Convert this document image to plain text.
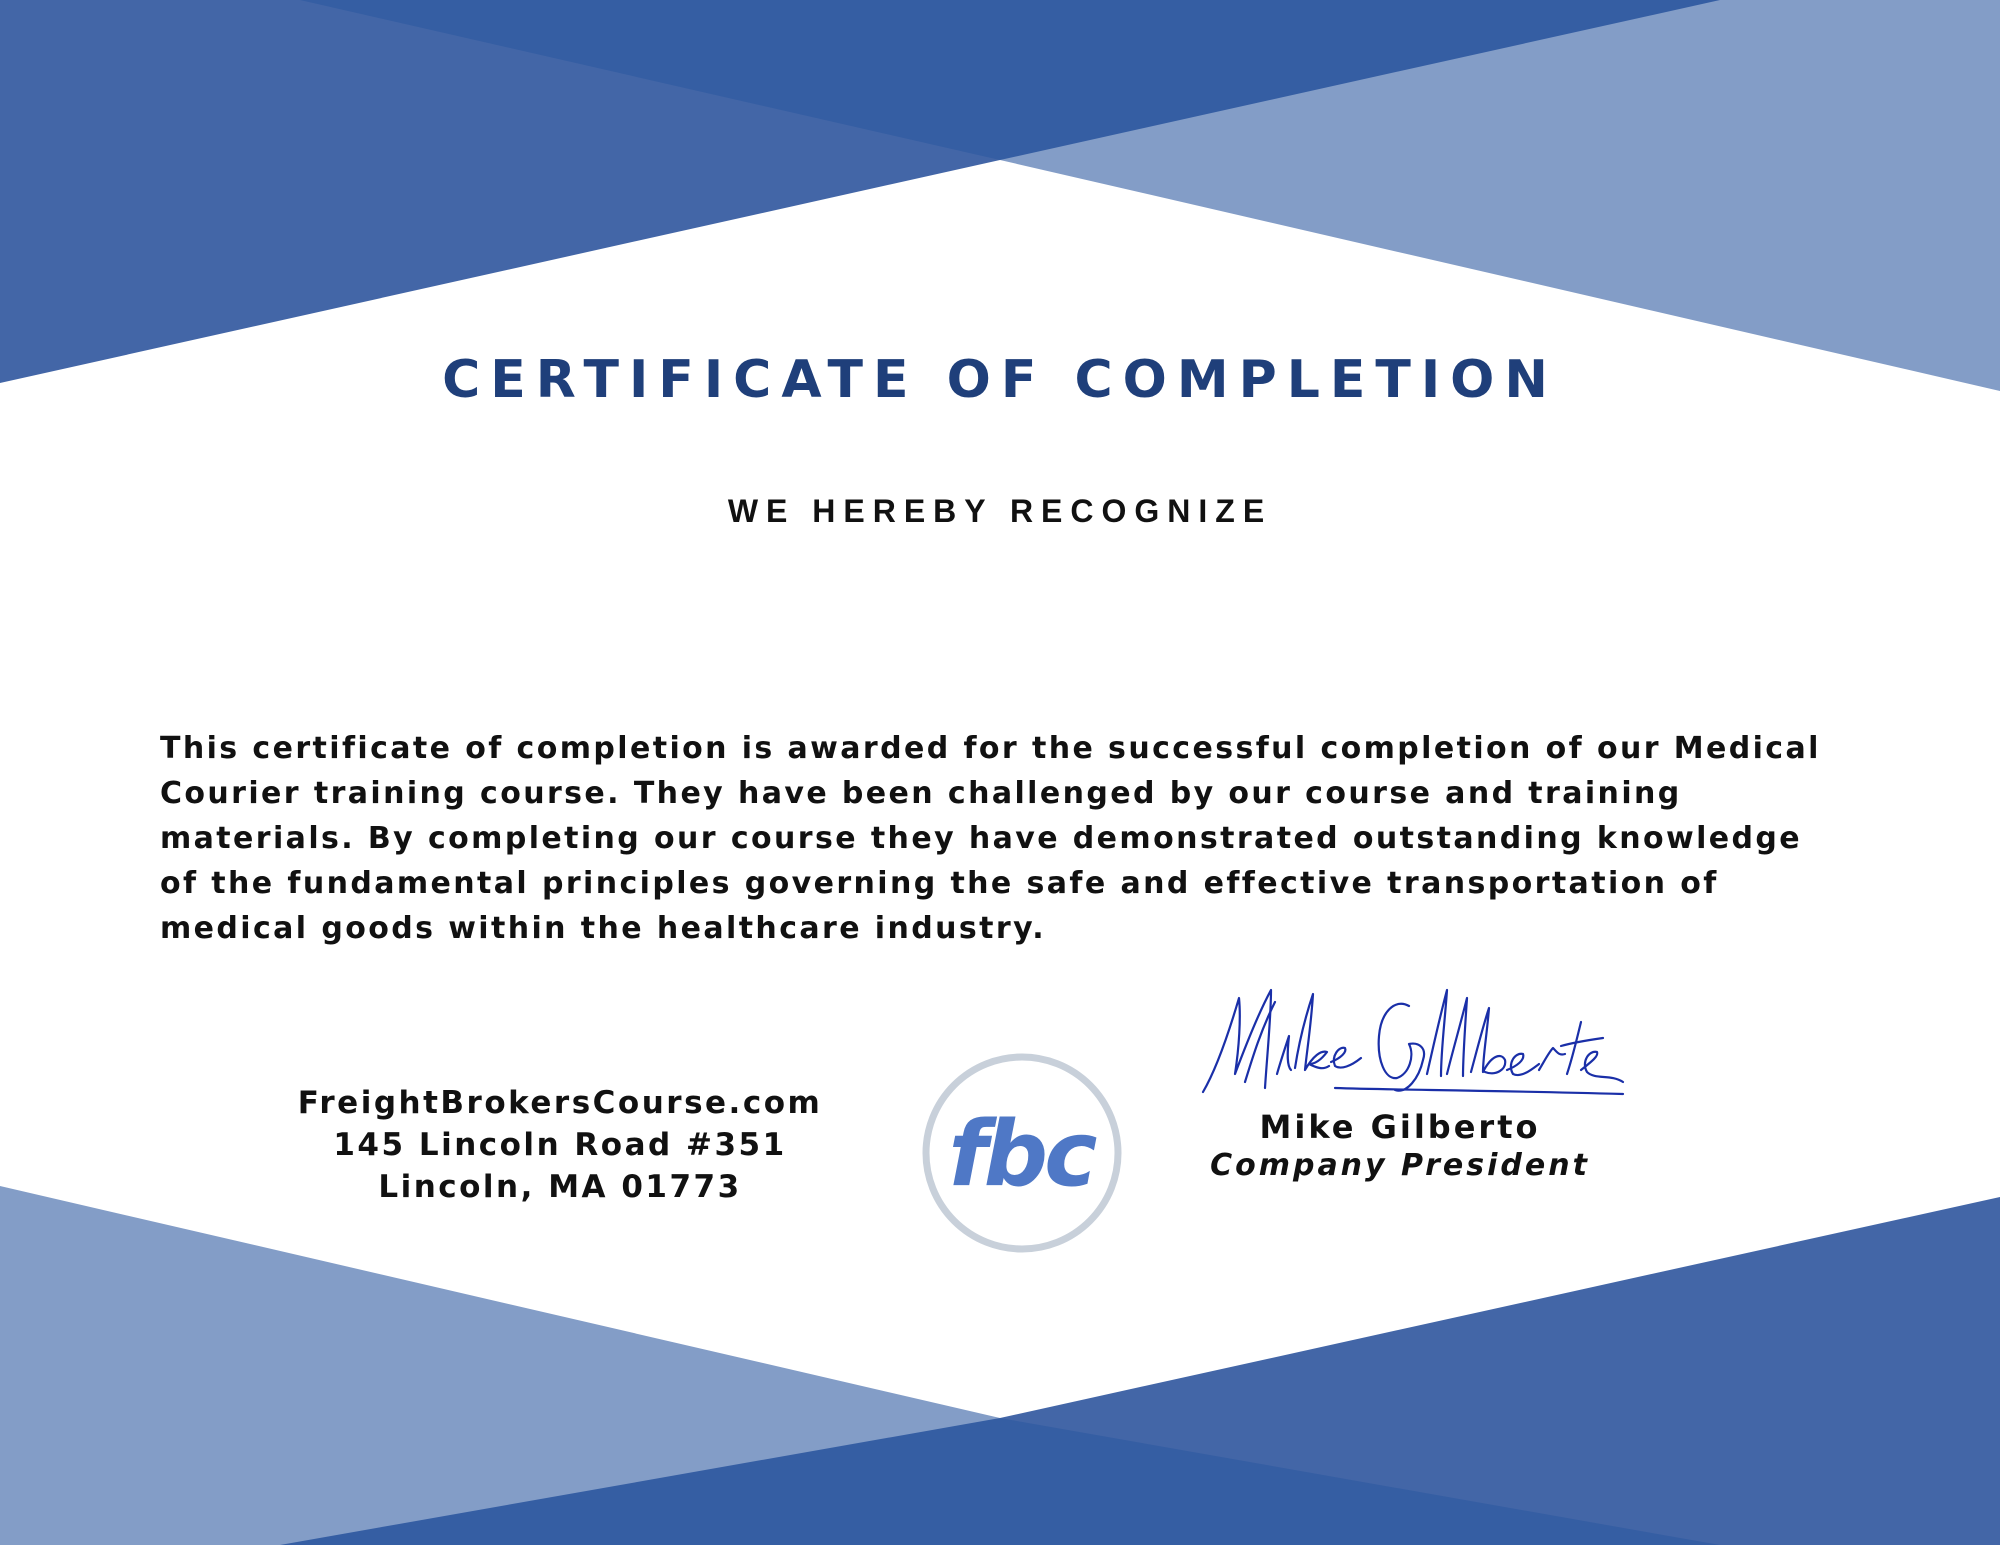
CERTIFICATE OF COMPLETION
WE HEREBY RECOGNIZE
This certificate of completion is awarded for the successful completion of our Medical Courier training course. They have been challenged by our course and training materials. By completing our course they have demonstrated outstanding knowledge of the fundamental principles governing the safe and effective transportation of medical goods within the healthcare industry.
FreightBrokersCourse.com
145 Lincoln Road #351
Lincoln, MA 01773	fbc	Mike Gilberto
Company President
